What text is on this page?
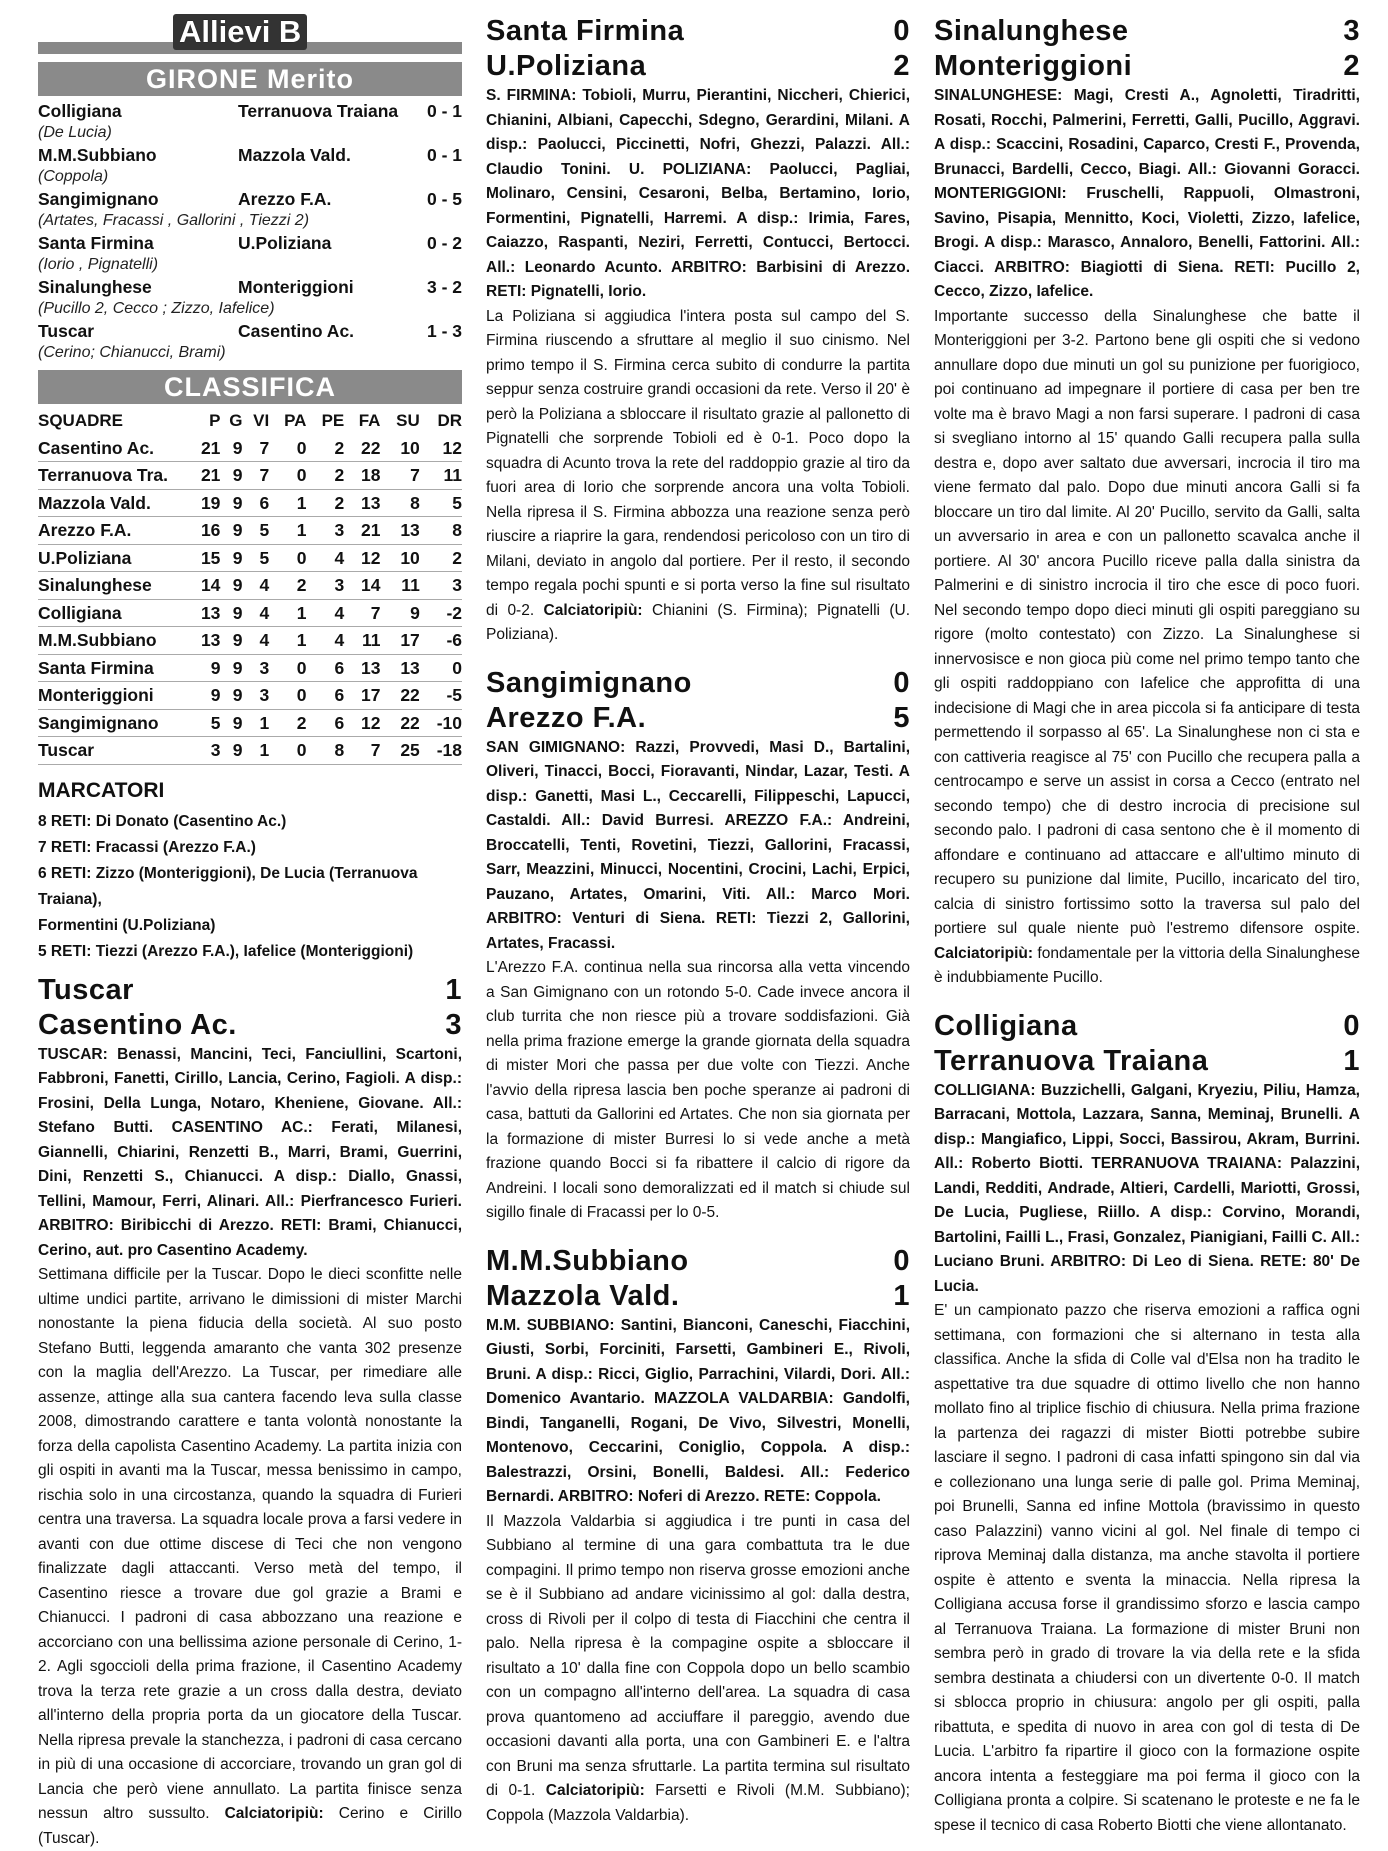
Allievi B
GIRONE Merito
Colligiana	Terranuova Traiana	0 - 1
(De Lucia)
M.M.Subbiano	Mazzola Vald.	0 - 1
(Coppola)
Sangimignano	Arezzo F.A.	0 - 5
(Artates, Fracassi , Gallorini , Tiezzi 2)
Santa Firmina	U.Poliziana	0 - 2
(Iorio , Pignatelli)
Sinalunghese	Monteriggioni	3 - 2
(Pucillo 2, Cecco ; Zizzo, Iafelice)
Tuscar	Casentino Ac.	1 - 3
(Cerino; Chianucci, Brami)
CLASSIFICA
SQUADRE	P	G	VI	PA	PE	FA	SU	DR
Casentino Ac.	21	9	7	0	2	22	10	12
Terranuova Tra.	21	9	7	0	2	18	7	11
Mazzola Vald.	19	9	6	1	2	13	8	5
Arezzo F.A.	16	9	5	1	3	21	13	8
U.Poliziana	15	9	5	0	4	12	10	2
Sinalunghese	14	9	4	2	3	14	11	3
Colligiana	13	9	4	1	4	7	9	-2
M.M.Subbiano	13	9	4	1	4	11	17	-6
Santa Firmina	9	9	3	0	6	13	13	0
Monteriggioni	9	9	3	0	6	17	22	-5
Sangimignano	5	9	1	2	6	12	22	-10
Tuscar	3	9	1	0	8	7	25	-18
MARCATORI
8 RETI: Di Donato (Casentino Ac.)
7 RETI: Fracassi (Arezzo F.A.)
6 RETI: Zizzo (Monteriggioni), De Lucia (Terranuova Traiana),
Formentini (U.Poliziana)
5 RETI: Tiezzi (Arezzo F.A.), Iafelice (Monteriggioni)
Tuscar	1
Casentino Ac.	3
TUSCAR: Benassi, Mancini, Teci, Fanciullini, Scartoni, Fabbroni, Fanetti, Cirillo, Lancia, Cerino, Fagioli. A disp.: Frosini, Della Lunga, Notaro, Kheniene, Giovane. All.: Stefano Butti. CASENTINO AC.: Ferati, Milanesi, Giannelli, Chiarini, Renzetti B., Marri, Brami, Guerrini, Dini, Renzetti S., Chianucci. A disp.: Diallo, Gnassi, Tellini, Mamour, Ferri, Alinari. All.: Pierfrancesco Furieri. ARBITRO: Biribicchi di Arezzo. RETI: Brami, Chianucci, Cerino, aut. pro Casentino Academy.
Settimana difficile per la Tuscar. Dopo le dieci sconfitte nelle ultime undici partite, arrivano le dimissioni di mister Marchi nonostante la piena fiducia della società. Al suo posto Stefano Butti, leggenda amaranto che vanta 302 presenze con la maglia dell'Arezzo. La Tuscar, per rimediare alle assenze, attinge alla sua cantera facendo leva sulla classe 2008, dimostrando carattere e tanta volontà nonostante la forza della capolista Casentino Academy. La partita inizia con gli ospiti in avanti ma la Tuscar, messa benissimo in campo, rischia solo in una circostanza, quando la squadra di Furieri centra una traversa. La squadra locale prova a farsi vedere in avanti con due ottime discese di Teci che non vengono finalizzate dagli attaccanti. Verso metà del tempo, il Casentino riesce a trovare due gol grazie a Brami e Chianucci. I padroni di casa abbozzano una reazione e accorciano con una bellissima azione personale di Cerino, 1-2. Agli sgoccioli della prima frazione, il Casentino Academy trova la terza rete grazie a un cross dalla destra, deviato all'interno della propria porta da un giocatore della Tuscar. Nella ripresa prevale la stanchezza, i padroni di casa cercano in più di una occasione di accorciare, trovando un gran gol di Lancia che però viene annullato. La partita finisce senza nessun altro sussulto. Calciatoripiù: Cerino e Cirillo (Tuscar).
Santa Firmina	0
U.Poliziana	2
S. FIRMINA: Tobioli, Murru, Pierantini, Niccheri, Chierici, Chianini, Albiani, Capecchi, Sdegno, Gerardini, Milani. A disp.: Paolucci, Piccinetti, Nofri, Ghezzi, Palazzi. All.: Claudio Tonini. U. POLIZIANA: Paolucci, Pagliai, Molinaro, Censini, Cesaroni, Belba, Bertamino, Iorio, Formentini, Pignatelli, Harremi. A disp.: Irimia, Fares, Caiazzo, Raspanti, Neziri, Ferretti, Contucci, Bertocci. All.: Leonardo Acunto. ARBITRO: Barbisini di Arezzo. RETI: Pignatelli, Iorio.
La Poliziana si aggiudica l'intera posta sul campo del S. Firmina riuscendo a sfruttare al meglio il suo cinismo. Nel primo tempo il S. Firmina cerca subito di condurre la partita seppur senza costruire grandi occasioni da rete. Verso il 20' è però la Poliziana a sbloccare il risultato grazie al pallonetto di Pignatelli che sorprende Tobioli ed è 0-1. Poco dopo la squadra di Acunto trova la rete del raddoppio grazie al tiro da fuori area di Iorio che sorprende ancora una volta Tobioli. Nella ripresa il S. Firmina abbozza una reazione senza però riuscire a riaprire la gara, rendendosi pericoloso con un tiro di Milani, deviato in angolo dal portiere. Per il resto, il secondo tempo regala pochi spunti e si porta verso la fine sul risultato di 0-2. Calciatoripiù: Chianini (S. Firmina); Pignatelli (U. Poliziana).
Sangimignano	0
Arezzo F.A.	5
SAN GIMIGNANO: Razzi, Provvedi, Masi D., Bartalini, Oliveri, Tinacci, Bocci, Fioravanti, Nindar, Lazar, Testi. A disp.: Ganetti, Masi L., Ceccarelli, Filippeschi, Lapucci, Castaldi. All.: David Burresi. AREZZO F.A.: Andreini, Broccatelli, Tenti, Rovetini, Tiezzi, Gallorini, Fracassi, Sarr, Meazzini, Minucci, Nocentini, Crocini, Lachi, Erpici, Pauzano, Artates, Omarini, Viti. All.: Marco Mori. ARBITRO: Venturi di Siena. RETI: Tiezzi 2, Gallorini, Artates, Fracassi.
L'Arezzo F.A. continua nella sua rincorsa alla vetta vincendo a San Gimignano con un rotondo 5-0. Cade invece ancora il club turrita che non riesce più a trovare soddisfazioni. Già nella prima frazione emerge la grande giornata della squadra di mister Mori che passa per due volte con Tiezzi. Anche l'avvio della ripresa lascia ben poche speranze ai padroni di casa, battuti da Gallorini ed Artates. Che non sia giornata per la formazione di mister Burresi lo si vede anche a metà frazione quando Bocci si fa ribattere il calcio di rigore da Andreini. I locali sono demoralizzati ed il match si chiude sul sigillo finale di Fracassi per lo 0-5.
M.M.Subbiano	0
Mazzola Vald.	1
M.M. SUBBIANO: Santini, Bianconi, Caneschi, Fiacchini, Giusti, Sorbi, Forciniti, Farsetti, Gambineri E., Rivoli, Bruni. A disp.: Ricci, Giglio, Parrachini, Vilardi, Dori. All.: Domenico Avantario. MAZZOLA VALDARBIA: Gandolfi, Bindi, Tanganelli, Rogani, De Vivo, Silvestri, Monelli, Montenovo, Ceccarini, Coniglio, Coppola. A disp.: Balestrazzi, Orsini, Bonelli, Baldesi. All.: Federico Bernardi. ARBITRO: Noferi di Arezzo. RETE: Coppola.
Il Mazzola Valdarbia si aggiudica i tre punti in casa del Subbiano al termine di una gara combattuta tra le due compagini. Il primo tempo non riserva grosse emozioni anche se è il Subbiano ad andare vicinissimo al gol: dalla destra, cross di Rivoli per il colpo di testa di Fiacchini che centra il palo. Nella ripresa è la compagine ospite a sbloccare il risultato a 10' dalla fine con Coppola dopo un bello scambio con un compagno all'interno dell'area. La squadra di casa prova quantomeno ad acciuffare il pareggio, avendo due occasioni davanti alla porta, una con Gambineri E. e l'altra con Bruni ma senza sfruttarle. La partita termina sul risultato di 0-1. Calciatoripiù: Farsetti e Rivoli (M.M. Subbiano); Coppola (Mazzola Valdarbia).
Sinalunghese	3
Monteriggioni	2
SINALUNGHESE: Magi, Cresti A., Agnoletti, Tiradritti, Rosati, Rocchi, Palmerini, Ferretti, Galli, Pucillo, Aggravi. A disp.: Scaccini, Rosadini, Caparco, Cresti F., Provenda, Brunacci, Bardelli, Cecco, Biagi. All.: Giovanni Goracci. MONTERIGGIONI: Fruschelli, Rappuoli, Olmastroni, Savino, Pisapia, Mennitto, Koci, Violetti, Zizzo, Iafelice, Brogi. A disp.: Marasco, Annaloro, Benelli, Fattorini. All.: Ciacci. ARBITRO: Biagiotti di Siena. RETI: Pucillo 2, Cecco, Zizzo, Iafelice.
Importante successo della Sinalunghese che batte il Monteriggioni per 3-2. Partono bene gli ospiti che si vedono annullare dopo due minuti un gol su punizione per fuorigioco, poi continuano ad impegnare il portiere di casa per ben tre volte ma è bravo Magi a non farsi superare. I padroni di casa si svegliano intorno al 15' quando Galli recupera palla sulla destra e, dopo aver saltato due avversari, incrocia il tiro ma viene fermato dal palo. Dopo due minuti ancora Galli si fa bloccare un tiro dal limite. Al 20' Pucillo, servito da Galli, salta un avversario in area e con un pallonetto scavalca anche il portiere. Al 30' ancora Pucillo riceve palla dalla sinistra da Palmerini e di sinistro incrocia il tiro che esce di poco fuori. Nel secondo tempo dopo dieci minuti gli ospiti pareggiano su rigore (molto contestato) con Zizzo. La Sinalunghese si innervosisce e non gioca più come nel primo tempo tanto che gli ospiti raddoppiano con Iafelice che approfitta di una indecisione di Magi che in area piccola si fa anticipare di testa permettendo il sorpasso al 65'. La Sinalunghese non ci sta e con cattiveria reagisce al 75' con Pucillo che recupera palla a centrocampo e serve un assist in corsa a Cecco (entrato nel secondo tempo) che di destro incrocia di precisione sul secondo palo. I padroni di casa sentono che è il momento di affondare e continuano ad attaccare e all'ultimo minuto di recupero su punizione dal limite, Pucillo, incaricato del tiro, calcia di sinistro fortissimo sotto la traversa sul palo del portiere sul quale niente può l'estremo difensore ospite. Calciatoripiù: fondamentale per la vittoria della Sinalunghese è indubbiamente Pucillo.
Colligiana	0
Terranuova Traiana	1
COLLIGIANA: Buzzichelli, Galgani, Kryeziu, Piliu, Hamza, Barracani, Mottola, Lazzara, Sanna, Meminaj, Brunelli. A disp.: Mangiafico, Lippi, Socci, Bassirou, Akram, Burrini. All.: Roberto Biotti. TERRANUOVA TRAIANA: Palazzini, Landi, Redditi, Andrade, Altieri, Cardelli, Mariotti, Grossi, De Lucia, Pugliese, Riillo. A disp.: Corvino, Morandi, Bartolini, Failli L., Frasi, Gonzalez, Pianigiani, Failli C. All.: Luciano Bruni. ARBITRO: Di Leo di Siena. RETE: 80' De Lucia.
E' un campionato pazzo che riserva emozioni a raffica ogni settimana, con formazioni che si alternano in testa alla classifica. Anche la sfida di Colle val d'Elsa non ha tradito le aspettative tra due squadre di ottimo livello che non hanno mollato fino al triplice fischio di chiusura. Nella prima frazione la partenza dei ragazzi di mister Biotti potrebbe subire lasciare il segno. I padroni di casa infatti spingono sin dal via e collezionano una lunga serie di palle gol. Prima Meminaj, poi Brunelli, Sanna ed infine Mottola (bravissimo in questo caso Palazzini) vanno vicini al gol. Nel finale di tempo ci riprova Meminaj dalla distanza, ma anche stavolta il portiere ospite è attento e sventa la minaccia. Nella ripresa la Colligiana accusa forse il grandissimo sforzo e lascia campo al Terranuova Traiana. La formazione di mister Bruni non sembra però in grado di trovare la via della rete e la sfida sembra destinata a chiudersi con un divertente 0-0. Il match si sblocca proprio in chiusura: angolo per gli ospiti, palla ribattuta, e spedita di nuovo in area con gol di testa di De Lucia. L'arbitro fa ripartire il gioco con la formazione ospite ancora intenta a festeggiare ma poi ferma il gioco con la Colligiana pronta a colpire. Si scatenano le proteste e ne fa le spese il tecnico di casa Roberto Biotti che viene allontanato.
